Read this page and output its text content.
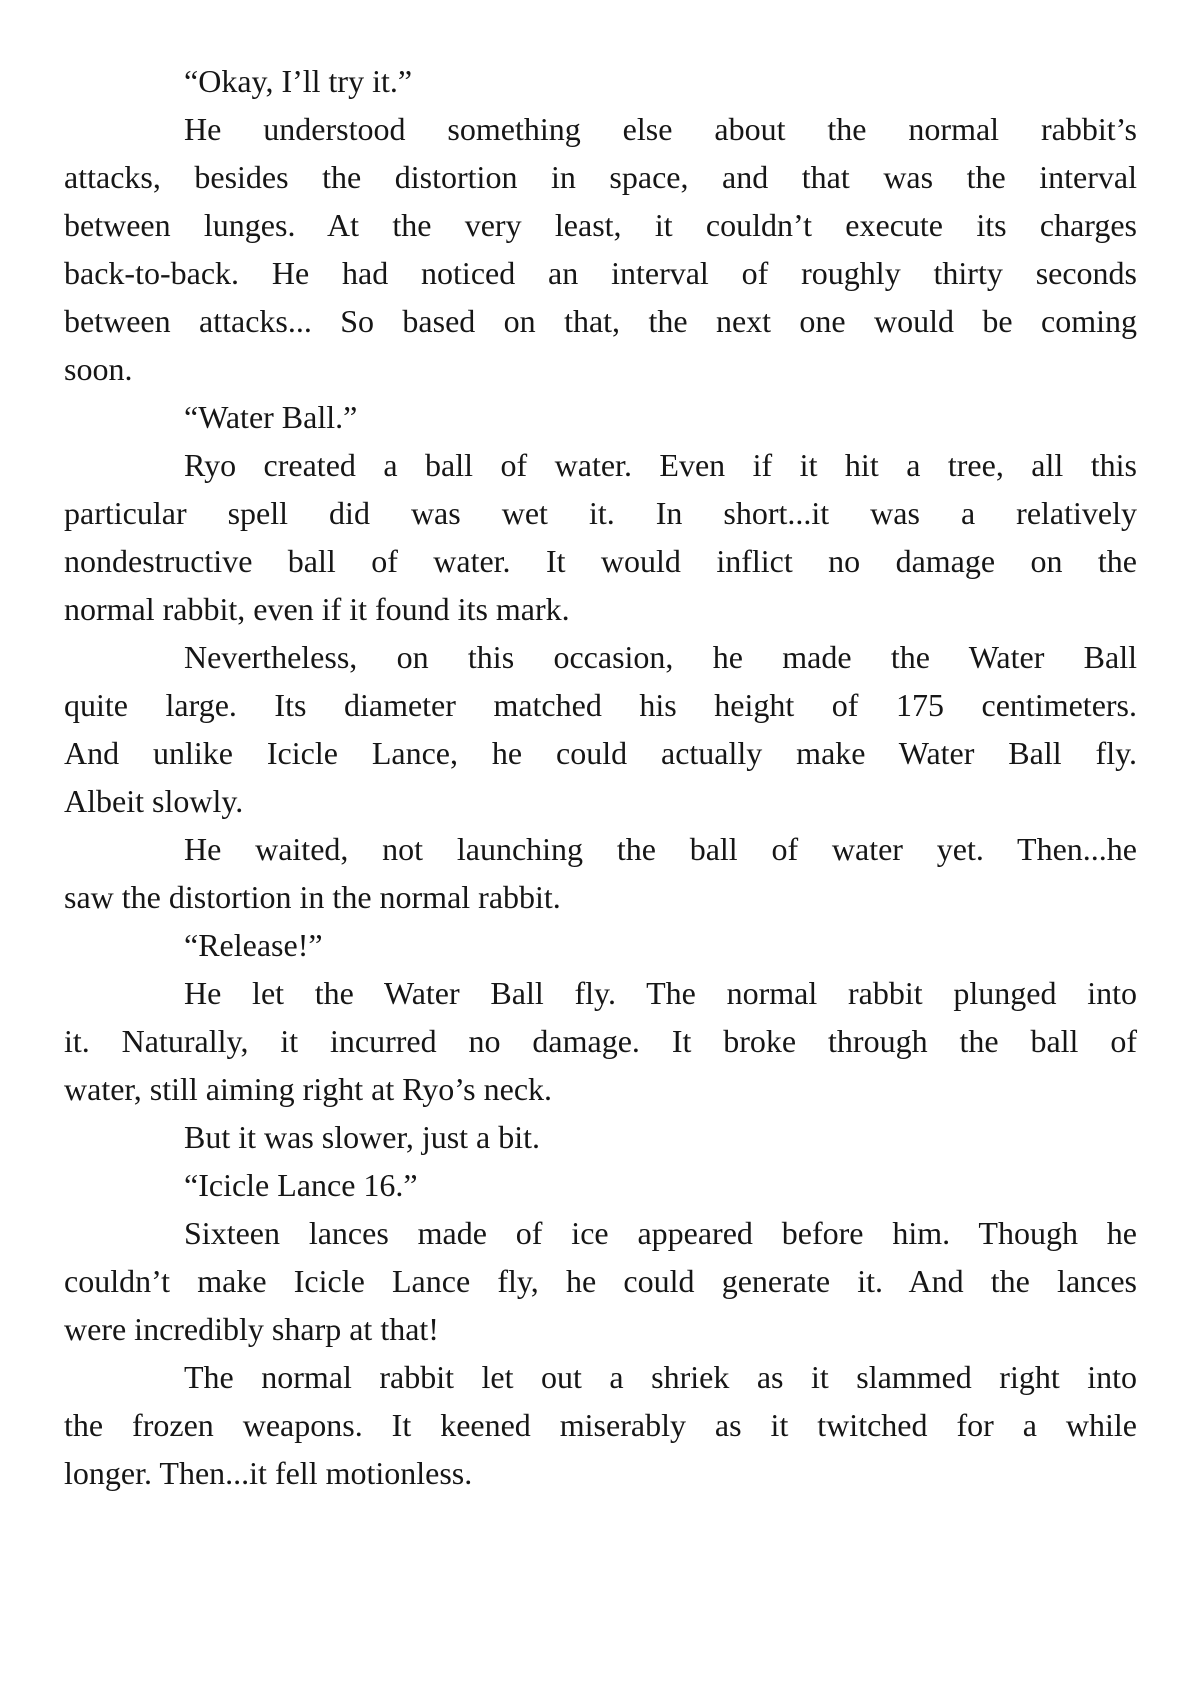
“Okay, I’ll try it.”
He understood something else about the normal rabbit’s
attacks, besides the distortion in space, and that was the interval
between lunges. At the very least, it couldn’t execute its charges
back-to-back. He had noticed an interval of roughly thirty seconds
between attacks... So based on that, the next one would be coming
soon.
“Water Ball.”
Ryo created a ball of water. Even if it hit a tree, all this
particular spell did was wet it. In short...it was a relatively
nondestructive ball of water. It would inflict no damage on the
normal rabbit, even if it found its mark.
Nevertheless, on this occasion, he made the Water Ball
quite large. Its diameter matched his height of 175 centimeters.
And unlike Icicle Lance, he could actually make Water Ball fly.
Albeit slowly.
He waited, not launching the ball of water yet. Then...he
saw the distortion in the normal rabbit.
“Release!”
He let the Water Ball fly. The normal rabbit plunged into
it. Naturally, it incurred no damage. It broke through the ball of
water, still aiming right at Ryo’s neck.
But it was slower, just a bit.
“Icicle Lance 16.”
Sixteen lances made of ice appeared before him. Though he
couldn’t make Icicle Lance fly, he could generate it. And the lances
were incredibly sharp at that!
The normal rabbit let out a shriek as it slammed right into
the frozen weapons. It keened miserably as it twitched for a while
longer. Then...it fell motionless.
